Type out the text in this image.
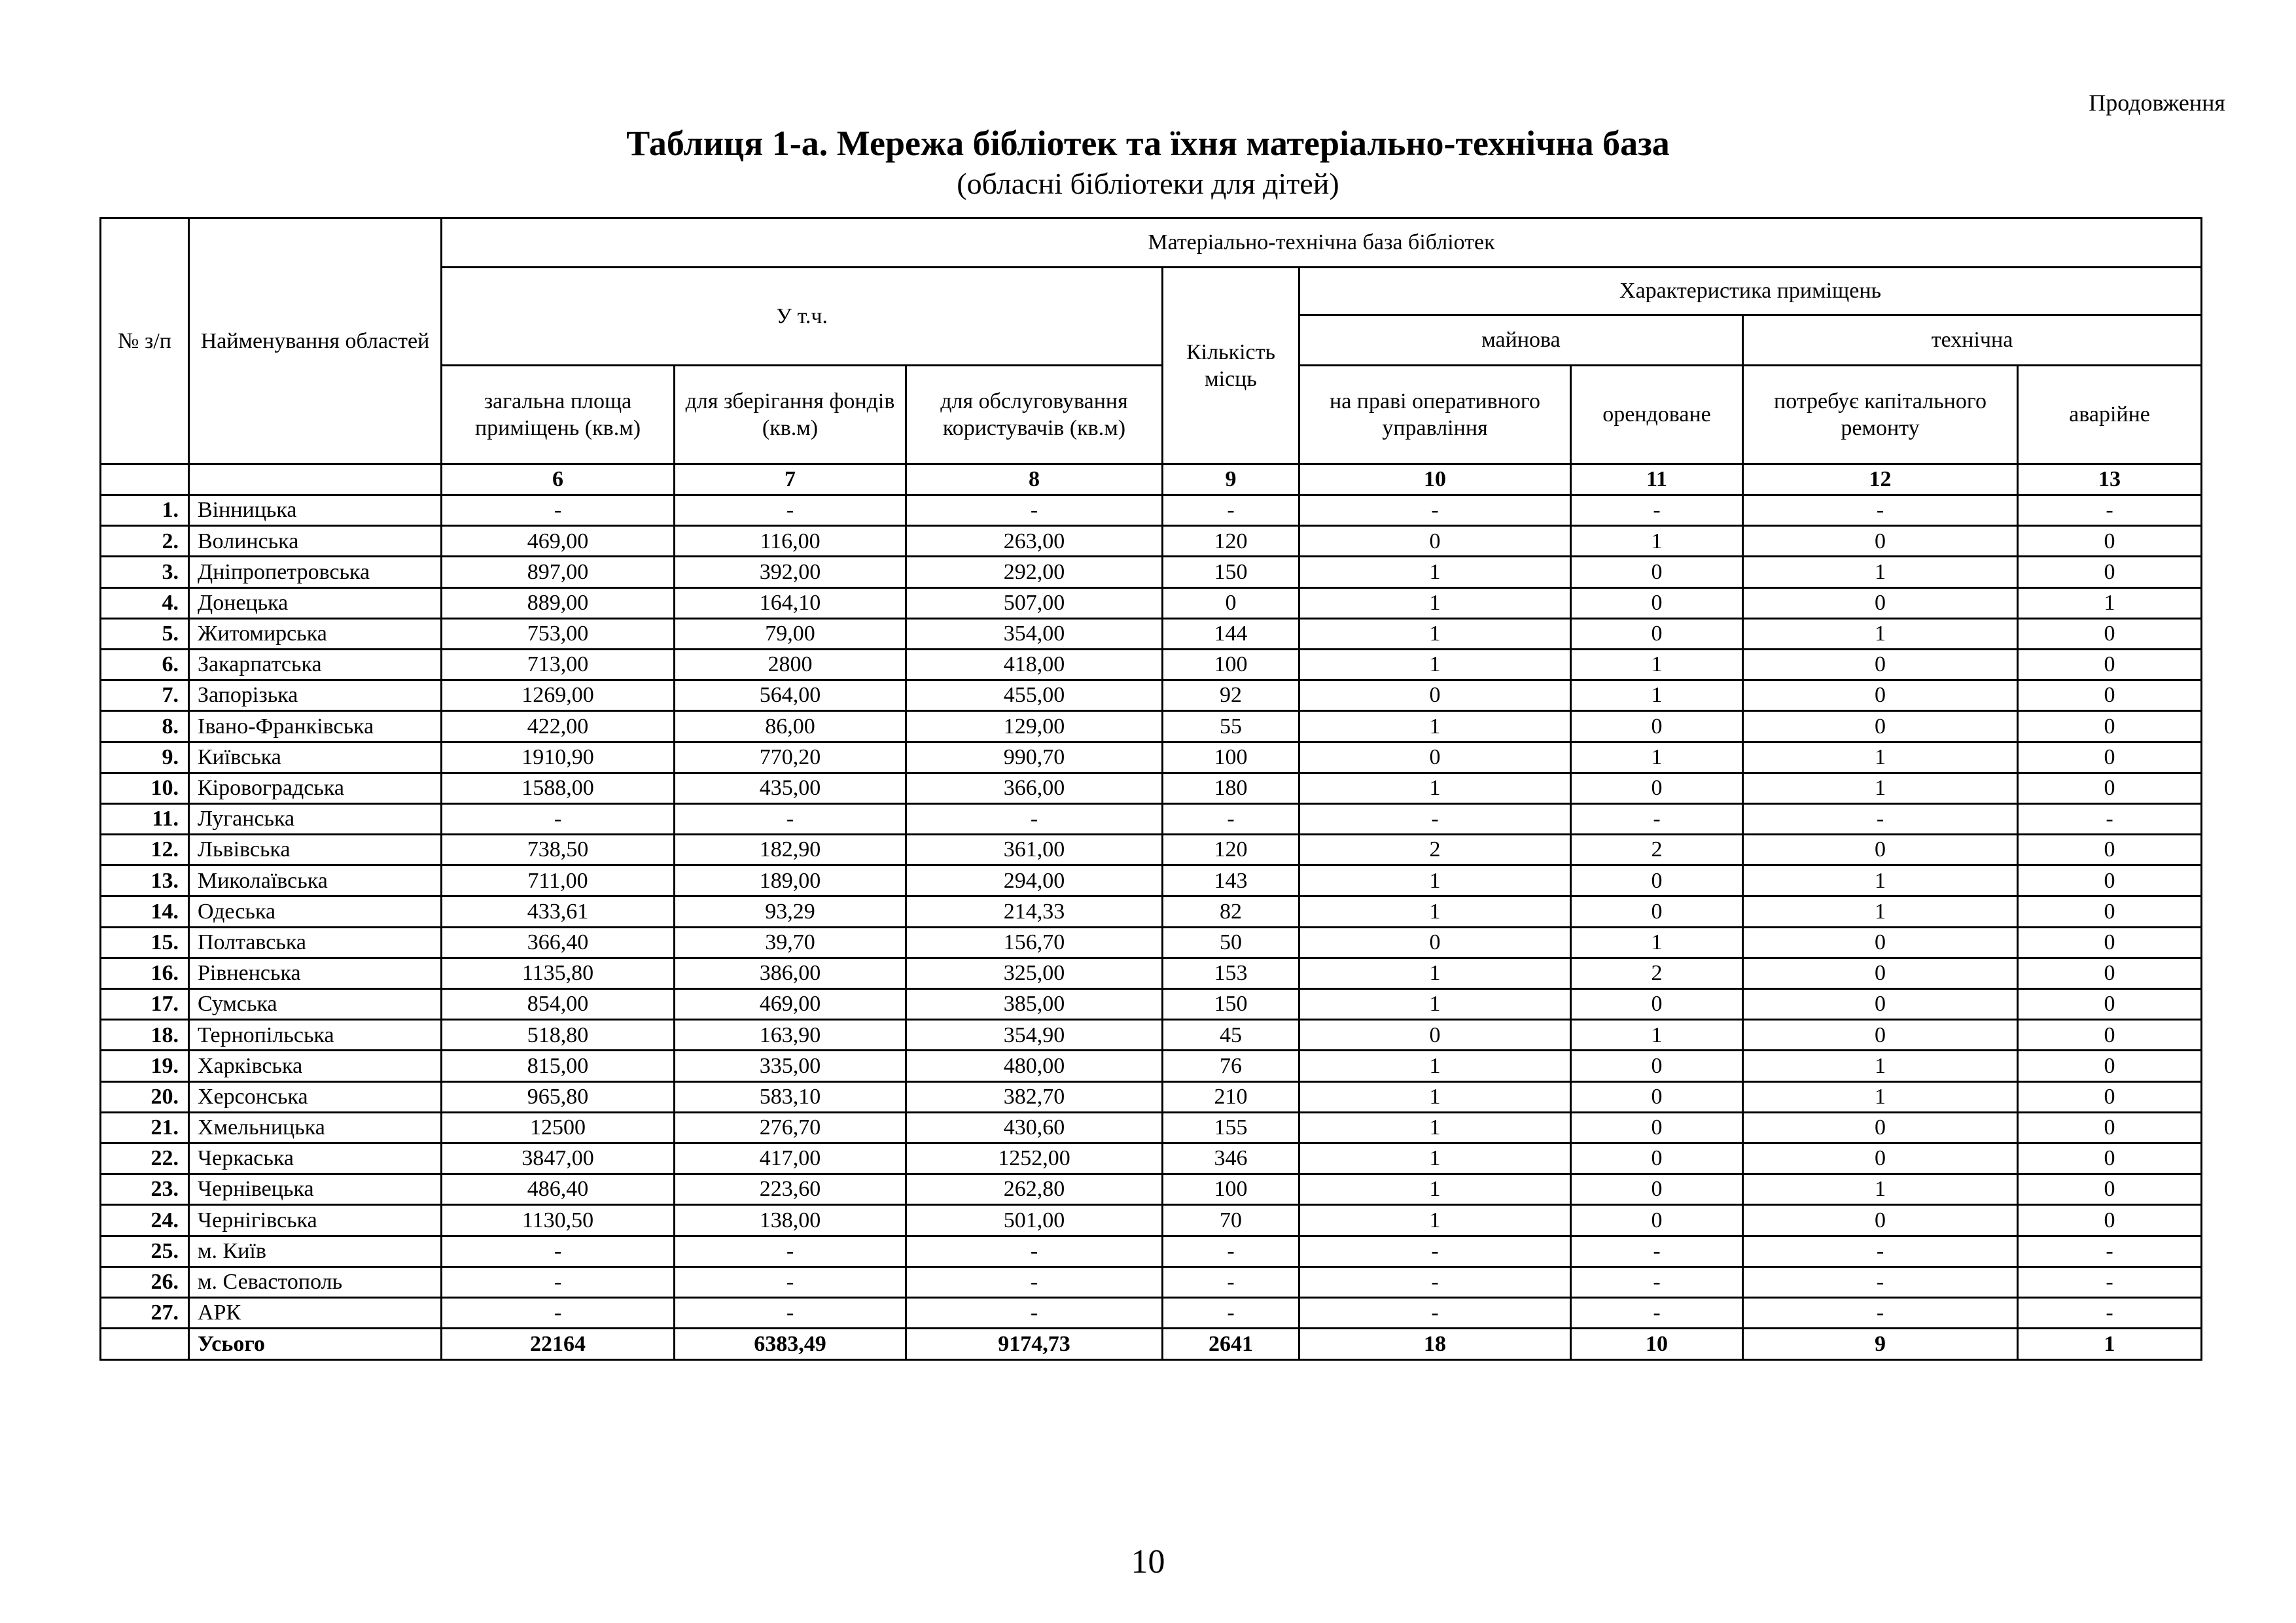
Продовження
Таблиця 1-а. Мережа бібліотек та їхня матеріально-технічна база
(обласні бібліотеки для дітей)
№ з/п	Найменування областей	Матеріально-технічна база бібліотек							
		У т.ч.			Кількість місць	Характеристика приміщень			
						майнова		технічна	
		загальна площа приміщень (кв.м)	для зберігання фондів (кв.м)	для обслуговування користувачів (кв.м)		на праві оперативного управління	орендоване	потребує капітального ремонту	аварійне
		6	7	8	9	10	11	12	13
1.	Вінницька	-	-	-	-	-	-	-	-
2.	Волинська	469,00	116,00	263,00	120	0	1	0	0
3.	Дніпропетровська	897,00	392,00	292,00	150	1	0	1	0
4.	Донецька	889,00	164,10	507,00	0	1	0	0	1
5.	Житомирська	753,00	79,00	354,00	144	1	0	1	0
6.	Закарпатська	713,00	2800	418,00	100	1	1	0	0
7.	Запорізька	1269,00	564,00	455,00	92	0	1	0	0
8.	Івано-Франківська	422,00	86,00	129,00	55	1	0	0	0
9.	Київська	1910,90	770,20	990,70	100	0	1	1	0
10.	Кіровоградська	1588,00	435,00	366,00	180	1	0	1	0
11.	Луганська	-	-	-	-	-	-	-	-
12.	Львівська	738,50	182,90	361,00	120	2	2	0	0
13.	Миколаївська	711,00	189,00	294,00	143	1	0	1	0
14.	Одеська	433,61	93,29	214,33	82	1	0	1	0
15.	Полтавська	366,40	39,70	156,70	50	0	1	0	0
16.	Рівненська	1135,80	386,00	325,00	153	1	2	0	0
17.	Сумська	854,00	469,00	385,00	150	1	0	0	0
18.	Тернопільська	518,80	163,90	354,90	45	0	1	0	0
19.	Харківська	815,00	335,00	480,00	76	1	0	1	0
20.	Херсонська	965,80	583,10	382,70	210	1	0	1	0
21.	Хмельницька	12500	276,70	430,60	155	1	0	0	0
22.	Черкаська	3847,00	417,00	1252,00	346	1	0	0	0
23.	Чернівецька	486,40	223,60	262,80	100	1	0	1	0
24.	Чернігівська	1130,50	138,00	501,00	70	1	0	0	0
25.	м. Київ	-	-	-	-	-	-	-	-
26.	м. Севастополь	-	-	-	-	-	-	-	-
27.	АРК	-	-	-	-	-	-	-	-
	Усього	22164	6383,49	9174,73	2641	18	10	9	1
10
